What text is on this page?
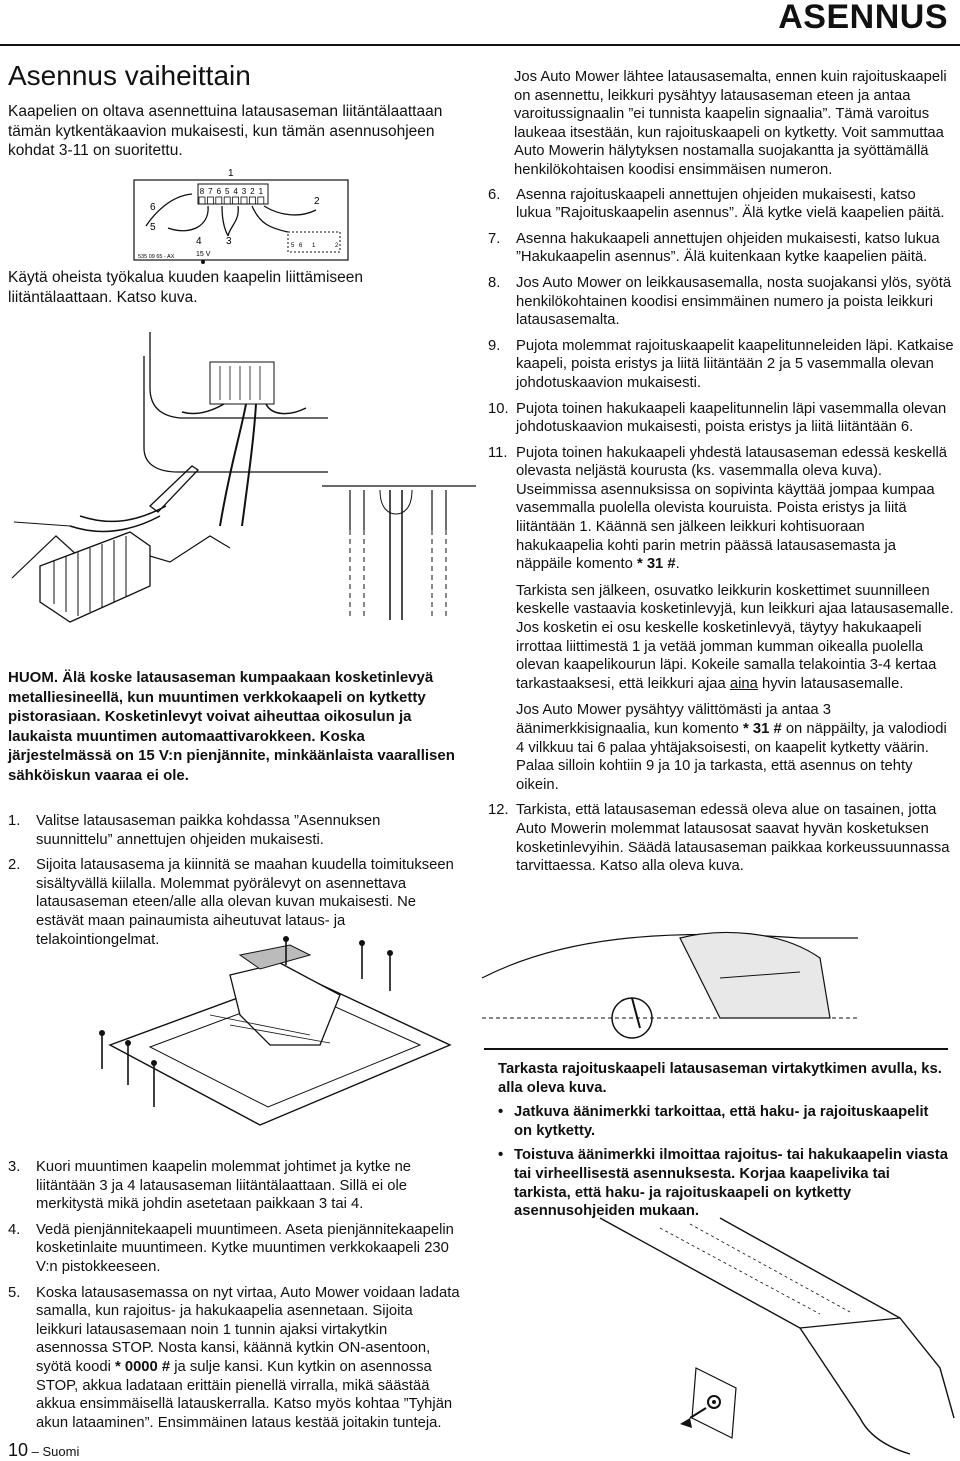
ASENNUS
Asennus vaiheittain
Kaapelien on oltava asennettuina latausaseman liitäntälaattaan tämän kytkentäkaavion mukaisesti, kun tämän asennusohjeen kohdat 3-11 on suoritettu.
8 7 6 5 4 3 2 1
1
2
3
4
5
6
15 V
535 09 65 - AX
5 6 1	2
Käytä oheista työkalua kuuden kaapelin liittämiseen liitäntälaattaan. Katso kuva.
HUOM. Älä koske latausaseman kumpaakaan kosketinlevyä metalliesineellä, kun muuntimen verkkokaapeli on kytketty pistorasiaan. Kosketinlevyt voivat aiheuttaa oikosulun ja laukaista muuntimen automaattivarokkeen. Koska järjestelmässä on 15 V:n pienjännite, minkäänlaista vaarallisen sähköiskun vaaraa ei ole.
1. Valitse latausaseman paikka kohdassa ”Asennuksen suunnittelu” annettujen ohjeiden mukaisesti.
2. Sijoita latausasema ja kiinnitä se maahan kuudella toimitukseen sisältyvällä kiilalla. Molemmat pyörälevyt on asennettava latausaseman eteen/alle alla olevan kuvan mukaisesti. Ne estävät maan painaumista aiheutuvat lataus- ja telakointiongelmat.
3. Kuori muuntimen kaapelin molemmat johtimet ja kytke ne liitäntään 3 ja 4 latausaseman liitäntälaattaan. Sillä ei ole merkitystä mikä johdin asetetaan paikkaan 3 tai 4.
4. Vedä pienjännitekaapeli muuntimeen. Aseta pienjännitekaapelin kosketinlaite muuntimeen. Kytke muuntimen verkkokaapeli 230 V:n pistokkeeseen.
5. Koska latausasemassa on nyt virtaa, Auto Mower voidaan ladata samalla, kun rajoitus- ja hakukaapelia asennetaan. Sijoita leikkuri latausasemaan noin 1 tunnin ajaksi virtakytkin asennossa STOP. Nosta kansi, käännä kytkin ON-asentoon, syötä koodi * 0000 # ja sulje kansi. Kun kytkin on asennossa STOP, akkua ladataan erittäin pienellä virralla, mikä säästää akkua ensimmäisellä latauskerralla. Katso myös kohtaa ”Tyhjän akun lataaminen”. Ensimmäinen lataus kestää joitakin tunteja.
Jos Auto Mower lähtee latausasemalta, ennen kuin rajoituskaapeli on asennettu, leikkuri pysähtyy latausaseman eteen ja antaa varoitussignaalin ”ei tunnista kaapelin signaalia”. Tämä varoitus laukeaa itsestään, kun rajoituskaapeli on kytketty. Voit sammuttaa Auto Mowerin hälytyksen nostamalla suojakantta ja syöttämällä henkilökohtaisen koodisi ensimmäisen numeron.
6. Asenna rajoituskaapeli annettujen ohjeiden mukaisesti, katso lukua ”Rajoituskaapelin asennus”. Älä kytke vielä kaapelien päitä.
7. Asenna hakukaapeli annettujen ohjeiden mukaisesti, katso lukua ”Hakukaapelin asennus”. Älä kuitenkaan kytke kaapelien päitä.
8. Jos Auto Mower on leikkausasemalla, nosta suojakansi ylös, syötä henkilökohtainen koodisi ensimmäinen numero ja poista leikkuri latausasemalta.
9. Pujota molemmat rajoituskaapelit kaapelitunneleiden läpi. Katkaise kaapeli, poista eristys ja liitä liitäntään 2 ja 5 vasemmalla olevan johdotuskaavion mukaisesti.
10. Pujota toinen hakukaapeli kaapelitunnelin läpi vasemmalla olevan johdotuskaavion mukaisesti, poista eristys ja liitä liitäntään 6.
11. Pujota toinen hakukaapeli yhdestä latausaseman edessä keskellä olevasta neljästä kourusta (ks. vasemmalla oleva kuva). Useimmissa asennuksissa on sopivinta käyttää jompaa kumpaa vasemmalla puolella olevista kouruista. Poista eristys ja liitä liitäntään 1. Käännä sen jälkeen leikkuri kohtisuoraan hakukaapelia kohti parin metrin päässä latausasemasta ja näppäile komento * 31 #.
Tarkista sen jälkeen, osuvatko leikkurin koskettimet suunnilleen keskelle vastaavia kosketinlevyjä, kun leikkuri ajaa latausasemalle. Jos kosketin ei osu keskelle kosketinlevyä, täytyy hakukaapeli irrottaa liittimestä 1 ja vetää jomman kumman oikealla puolella olevan kaapelikourun läpi. Kokeile samalla telakointia 3-4 kertaa tarkastaaksesi, että leikkuri ajaa aina hyvin latausasemalle.
Jos Auto Mower pysähtyy välittömästi ja antaa 3 äänimerkkisignaalia, kun komento * 31 # on näppäilty, ja valodiodi 4 vilkkuu tai 6 palaa yhtäjaksoisesti, on kaapelit kytketty väärin. Palaa silloin kohtiin 9 ja 10 ja tarkasta, että asennus on tehty oikein.
12. Tarkista, että latausaseman edessä oleva alue on tasainen, jotta Auto Mowerin molemmat latausosat saavat hyvän kosketuksen kosketinlevyihin. Säädä latausaseman paikkaa korkeussuunnassa tarvittaessa. Katso alla oleva kuva.

Tarkasta rajoituskaapeli latausaseman virtakytkimen avulla, ks. alla oleva kuva.

• Jatkuva äänimerkki tarkoittaa, että haku- ja rajoituskaapelit on kytketty.
• Toistuva äänimerkki ilmoittaa rajoitus- tai hakukaapelin viasta tai virheellisestä asennuksesta. Korjaa kaapelivika tai tarkista, että haku- ja rajoituskaapeli on kytketty asennusohjeiden mukaan.
10 – Suomi
